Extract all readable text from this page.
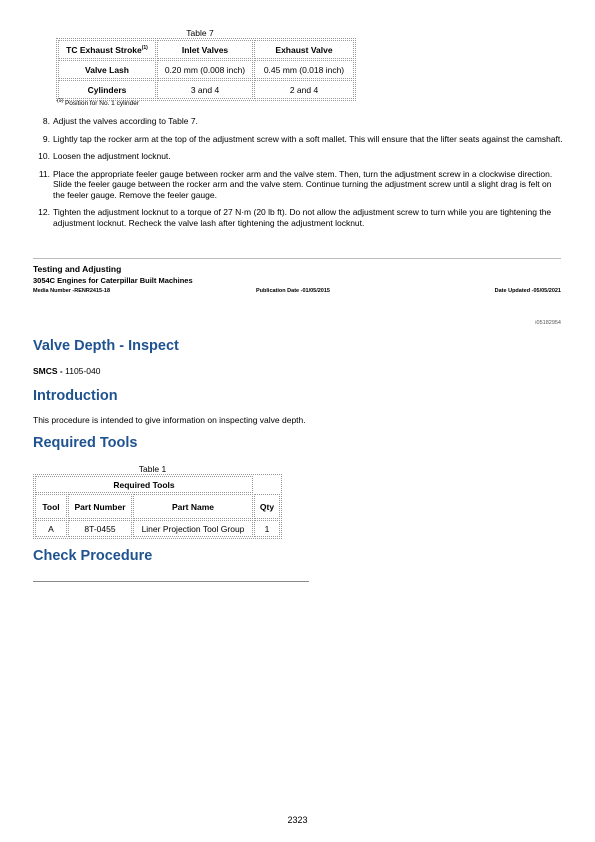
Table 7
TC Exhaust Stroke$^{(1)}$	Inlet Valves	Exhaust Valve
Valve Lash	0.20 mm (0.008 inch)	0.45 mm (0.018 inch)
Cylinders	3 and 4	2 and 4
$^{(1)}$ Position for No. 1 cylinder
8. Adjust the valves according to Table 7.
9. Lightly tap the rocker arm at the top of the adjustment screw with a soft mallet. This will ensure that the lifter seats against the camshaft.
10. Loosen the adjustment locknut.
11. Place the appropriate feeler gauge between rocker arm and the valve stem. Then, turn the adjustment screw in a clockwise direction. Slide the feeler gauge between the rocker arm and the valve stem. Continue turning the adjustment screw until a slight drag is felt on the feeler gauge. Remove the feeler gauge.
12. Tighten the adjustment locknut to a torque of 27 N·m (20 lb ft). Do not allow the adjustment screw to turn while you are tightening the adjustment locknut. Recheck the valve lash after tightening the adjustment locknut.
Testing and Adjusting
3054C Engines for Caterpillar Built Machines
Media Number -RENR2415-18	Publication Date -01/05/2015	Date Updated -05/05/2021
i05182954
Valve Depth - Inspect
SMCS - 1105-040
Introduction
This procedure is intended to give information on inspecting valve depth.
Required Tools
Table 1
Required Tools			
Tool	Part Number	Part Name	Qty
A	8T-0455	Liner Projection Tool Group	1
Check Procedure
2323
